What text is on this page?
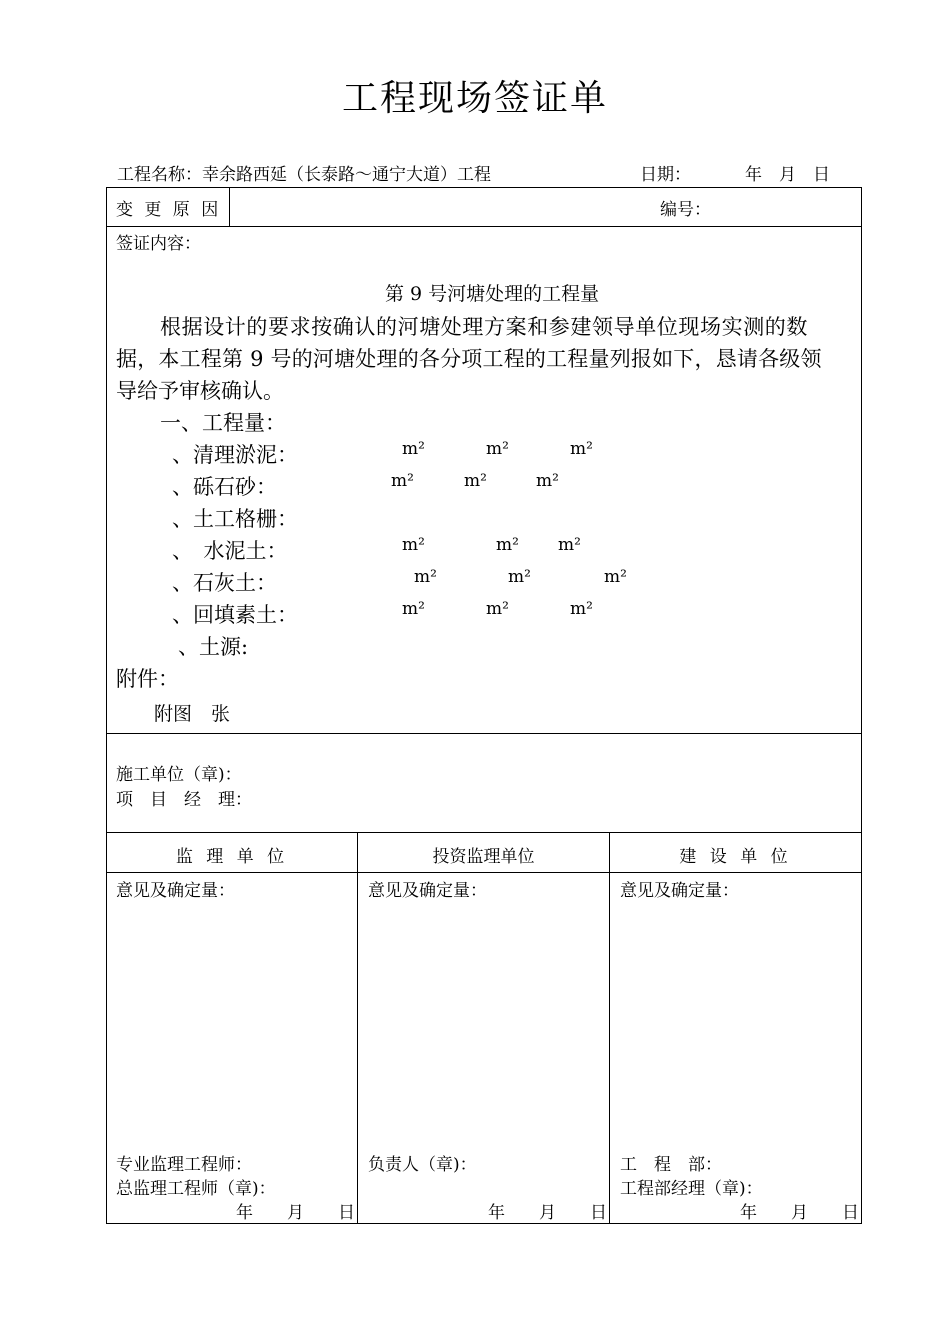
工程现场签证单
工程名称：幸余路西延（长泰路～通宁大道）工程	日期：	年　月　日
变 更 原 因	编号：
签证内容：
第 9 号河塘处理的工程量
根据设计的要求按确认的河塘处理方案和参建领导单位现场实测的数
据，本工程第 9 号的河塘处理的各分项工程的工程量列报如下，恳请各级领
导给予审核确认。
一、工程量：
、清理淤泥：	m²	m²	m²
、砾石砂：	m²	m²	m²
、土工格栅：
、　水泥土：	m²	m² m²
、石灰土：	m²	m²	m²
、回填素土：	m²	m²	m²
、土源:
附件：
附图　张
施工单位（章)：
项　目　经　理：
监 理 单 位	投资监理单位	建 设 单 位
意见及确定量：
专业监理工程师：
总监理工程师（章)：
年　　月　　日
意见及确定量：
负责人（章)：
年　　月　　日
意见及确定量：
工　程　部：
工程部经理（章)：
年　　月　　日
